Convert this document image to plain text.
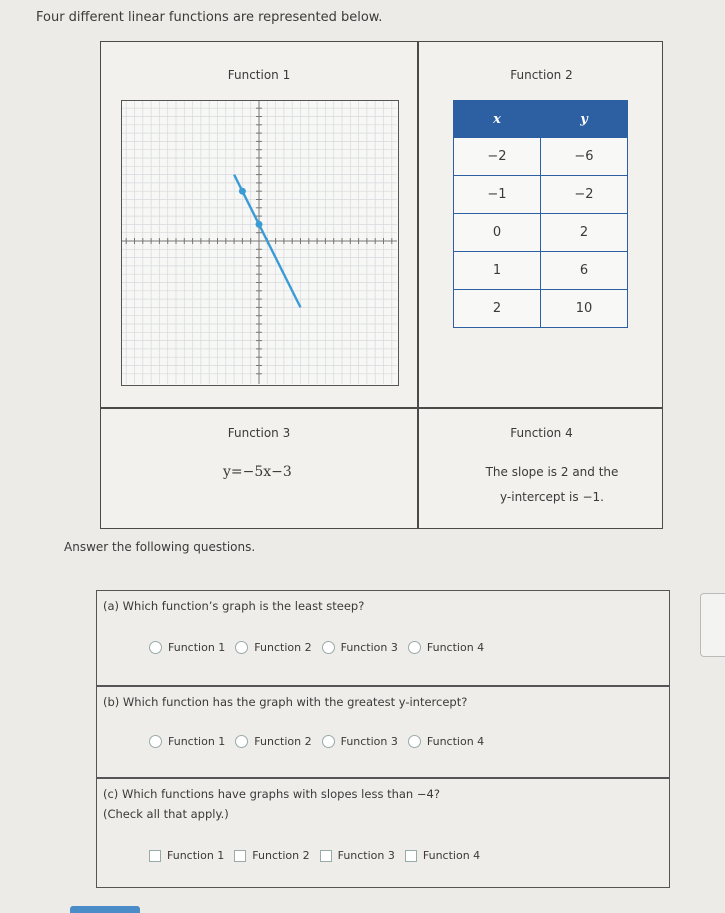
Four different linear functions are represented below.
Function 1	Function 2
x	y
−2	−6
−1	−2
0	2
1	6
2	10
Function 3
y=−5x−3
Function 4
The slope is 2 and the
y-intercept is −1.
Answer the following questions.
(a) Which function’s graph is the least steep?
Function 1	Function 2	Function 3	Function 4
(b) Which function has the graph with the greatest y-intercept?
Function 1	Function 2	Function 3	Function 4
(c) Which functions have graphs with slopes less than −4?
(Check all that apply.)
Function 1	Function 2	Function 3	Function 4
